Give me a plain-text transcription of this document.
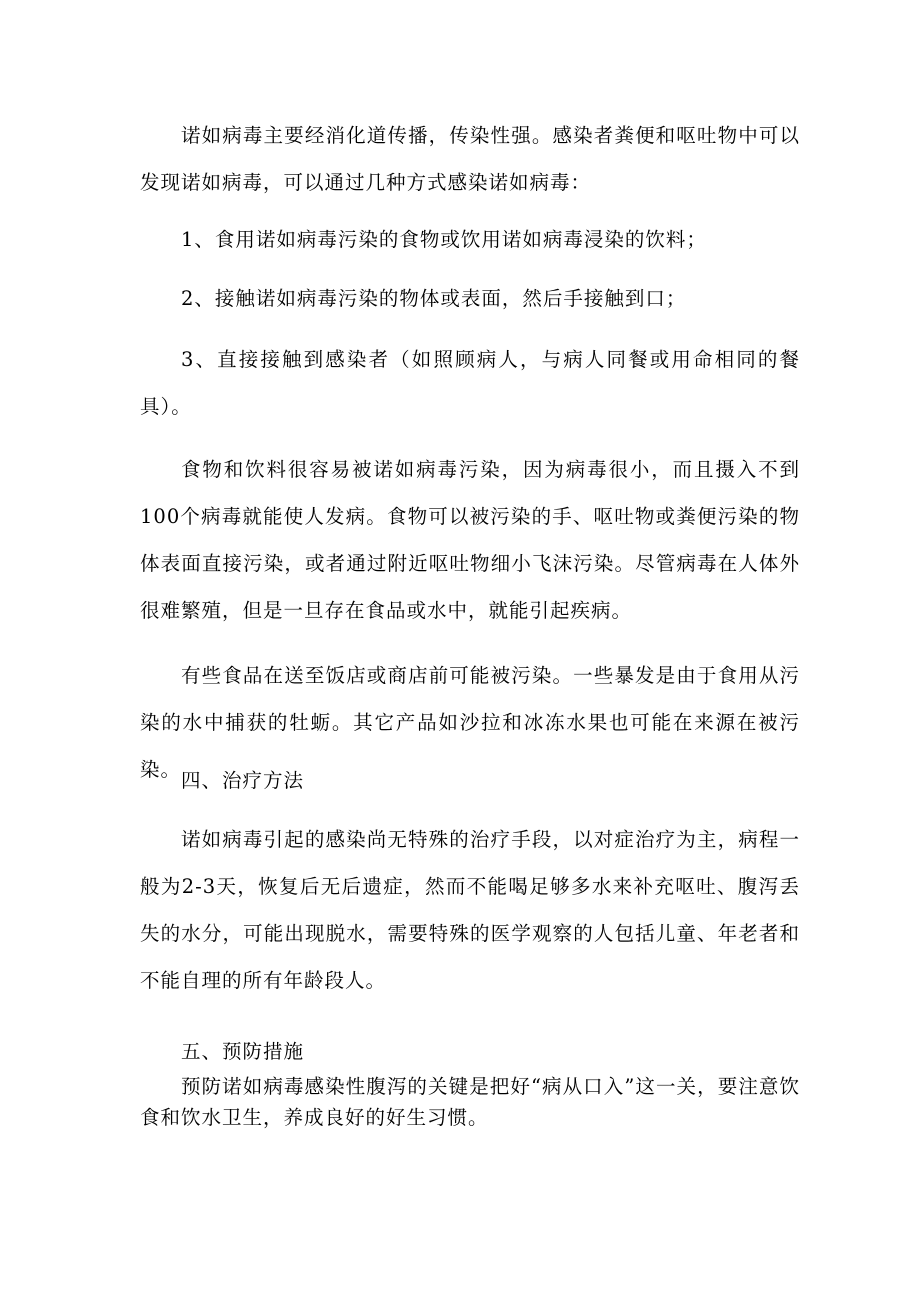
诺如病毒主要经消化道传播，传染性强。感染者粪便和呕吐物中可以发现诺如病毒，可以通过几种方式感染诺如病毒：

1、食用诺如病毒污染的食物或饮用诺如病毒浸染的饮料；

2、接触诺如病毒污染的物体或表面，然后手接触到口；

3、直接接触到感染者（如照顾病人，与病人同餐或用命相同的餐具）。

食物和饮料很容易被诺如病毒污染，因为病毒很小，而且摄入不到100个病毒就能使人发病。食物可以被污染的手、呕吐物或粪便污染的物体表面直接污染，或者通过附近呕吐物细小飞沫污染。尽管病毒在人体外很难繁殖，但是一旦存在食品或水中，就能引起疾病。

有些食品在送至饭店或商店前可能被污染。一些暴发是由于食用从污染的水中捕获的牡蛎。其它产品如沙拉和冰冻水果也可能在来源在被污染。 四、治疗方法

诺如病毒引起的感染尚无特殊的治疗手段，以对症治疗为主，病程一般为2-3天，恢复后无后遗症，然而不能喝足够多水来补充呕吐、腹泻丢失的水分，可能出现脱水，需要特殊的医学观察的人包括儿童、年老者和不能自理的所有年龄段人。

五、预防措施

预防诺如病毒感染性腹泻的关键是把好“病从口入”这一关，要注意饮食和饮水卫生，养成良好的好生习惯。
